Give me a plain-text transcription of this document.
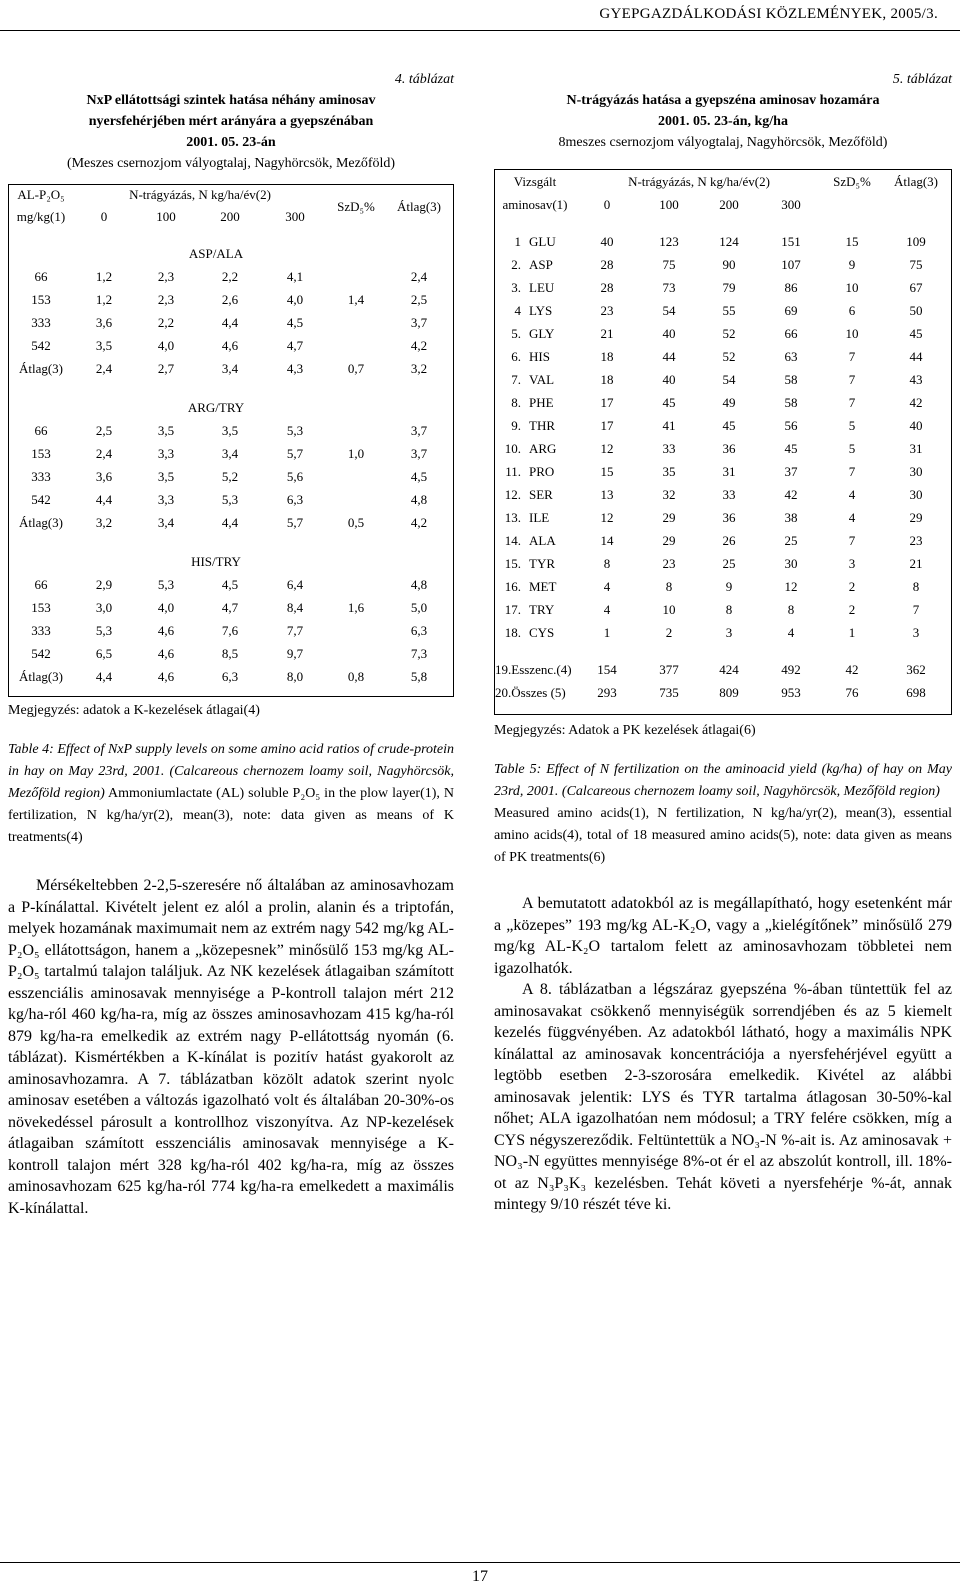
GYEPGAZDÁLKODÁSI KÖZLEMÉNYEK, 2005/3.
4. táblázat
NxP ellátottsági szintek hatása néhány aminosav
nyersfehérjében mért arányára a gyepszénában
2001. 05. 23-án
(Meszes csernozjom vályogtalaj, Nagyhörcsök, Mezőföld)
AL-P₂O₅	N-trágyázás, N kg/ha/év(2)				SzD₅%	Átlag(3)
mg/kg(1)	0	100	200	300		

ASP/ALA						
66	1,2	2,3	2,2	4,1		2,4
153	1,2	2,3	2,6	4,0	1,4	2,5
333	3,6	2,2	4,4	4,5		3,7
542	3,5	4,0	4,6	4,7		4,2
Átlag(3)	2,4	2,7	3,4	4,3	0,7	3,2

ARG/TRY						
66	2,5	3,5	3,5	5,3		3,7
153	2,4	3,3	3,4	5,7	1,0	3,7
333	3,6	3,5	5,2	5,6		4,5
542	4,4	3,3	5,3	6,3		4,8
Átlag(3)	3,2	3,4	4,4	5,7	0,5	4,2

HIS/TRY						
66	2,9	5,3	4,5	6,4		4,8
153	3,0	4,0	4,7	8,4	1,6	5,0
333	5,3	4,6	7,6	7,7		6,3
542	6,5	4,6	8,5	9,7		7,3
Átlag(3)	4,4	4,6	6,3	8,0	0,8	5,8

Megjegyzés: adatok a K-kezelések átlagai(4)
Table 4: Effect of NxP supply levels on some amino acid ratios of crude-protein in hay on May 23rd, 2001. (Calcareous chernozem loamy soil, Nagyhörcsök, Mezőföld region) Ammoniumlactate (AL) soluble P₂O₅ in the plow layer(1), N fertilization, N kg/ha/yr(2), mean(3), note: data given as means of K treatments(4)
Mérsékeltebben 2-2,5-szeresére nő általában az aminosavhozam a P-kínálattal. Kivételt jelent ez alól a prolin, alanin és a triptofán, melyek hozamának maximumait nem az extrém nagy 542 mg/kg AL-P₂O₅ ellátottságon, hanem a „közepesnek” minősülő 153 mg/kg AL-P₂O₅ tartalmú talajon találjuk. Az NK kezelések átlagaiban számított esszenciális aminosavak mennyisége a P-kontroll talajon mért 212 kg/ha-ról 460 kg/ha-ra, míg az összes aminosavhozam 415 kg/ha-ról 879 kg/ha-ra emelkedik az extrém nagy P-ellátottság nyomán (6. táblázat). Kismértékben a K-kínálat is pozitív hatást gyakorolt az aminosavhozamra. A 7. táblázatban közölt adatok szerint nyolc aminosav esetében a változás igazolható volt és általában 20-30%-os növekedéssel párosult a kontrollhoz viszonyítva. Az NP-kezelések átlagaiban számított esszenciális aminosavak mennyisége a K-kontroll talajon mért 328 kg/ha-ról 402 kg/ha-ra, míg az összes aminosavhozam 625 kg/ha-ról 774 kg/ha-ra emelkedett a maximális K-kínálattal.
5. táblázat
N-trágyázás hatása a gyepszéna aminosav hozamára
2001. 05. 23-án, kg/ha
8meszes csernozjom vályogtalaj, Nagyhörcsök, Mezőföld)
Vizsgált		N-trágyázás, N kg/ha/év(2)				SzD₅%	Átlag(3)
aminosav(1)		0	100	200	300		

1	GLU	40	123	124	151	15	109
2.	ASP	28	75	90	107	9	75
3.	LEU	28	73	79	86	10	67
4	LYS	23	54	55	69	6	50
5.	GLY	21	40	52	66	10	45
6.	HIS	18	44	52	63	7	44
7.	VAL	18	40	54	58	7	43
8.	PHE	17	45	49	58	7	42
9.	THR	17	41	45	56	5	40
10.	ARG	12	33	36	45	5	31
11.	PRO	15	35	31	37	7	30
12.	SER	13	32	33	42	4	30
13.	ILE	12	29	36	38	4	29
14.	ALA	14	29	26	25	7	23
15.	TYR	8	23	25	30	3	21
16.	MET	4	8	9	12	2	8
17.	TRY	4	10	8	8	2	7
18.	CYS	1	2	3	4	1	3

19.Esszenc.(4)		154	377	424	492	42	362
20.Összes (5)		293	735	809	953	76	698

Megjegyzés: Adatok a PK kezelések átlagai(6)
Table 5: Effect of N fertilization on the aminoacid yield (kg/ha) of hay on May 23rd, 2001. (Calcareous chernozem loamy soil, Nagyhörcsök, Mezőföld region)
Measured amino acids(1), N fertilization, N kg/ha/yr(2), mean(3), essential amino acids(4), total of 18 measured amino acids(5), note: data given as means of PK treatments(6)
A bemutatott adatokból az is megállapítható, hogy esetenként már a „közepes” 193 mg/kg AL-K₂O, vagy a „kielégítőnek” minősülő 279 mg/kg AL-K₂O tartalom felett az aminosavhozam többletei nem igazolhatók.
A 8. táblázatban a légszáraz gyepszéna %-ában tüntettük fel az aminosavakat csökkenő mennyiségük sorrendjében és az 5 kiemelt kezelés függvényében. Az adatokból látható, hogy a maximális NPK kínálattal az aminosavak koncentrációja a nyersfehérjével együtt a legtöbb esetben 2-3-szorosára emelkedik. Kivétel az alábbi aminosavak jelentik: LYS és TYR tartalma átlagosan 30-50%-kal nőhet; ALA igazolhatóan nem módosul; a TRY felére csökken, míg a CYS négyszereződik. Feltüntettük a NO₃-N %-ait is. Az aminosavak + NO₃-N együttes mennyisége 8%-ot ér el az abszolút kontroll, ill. 18%-ot az N₃P₃K₃ kezelésben. Tehát követi a nyersfehérje %-át, annak mintegy 9/10 részét téve ki.
17
